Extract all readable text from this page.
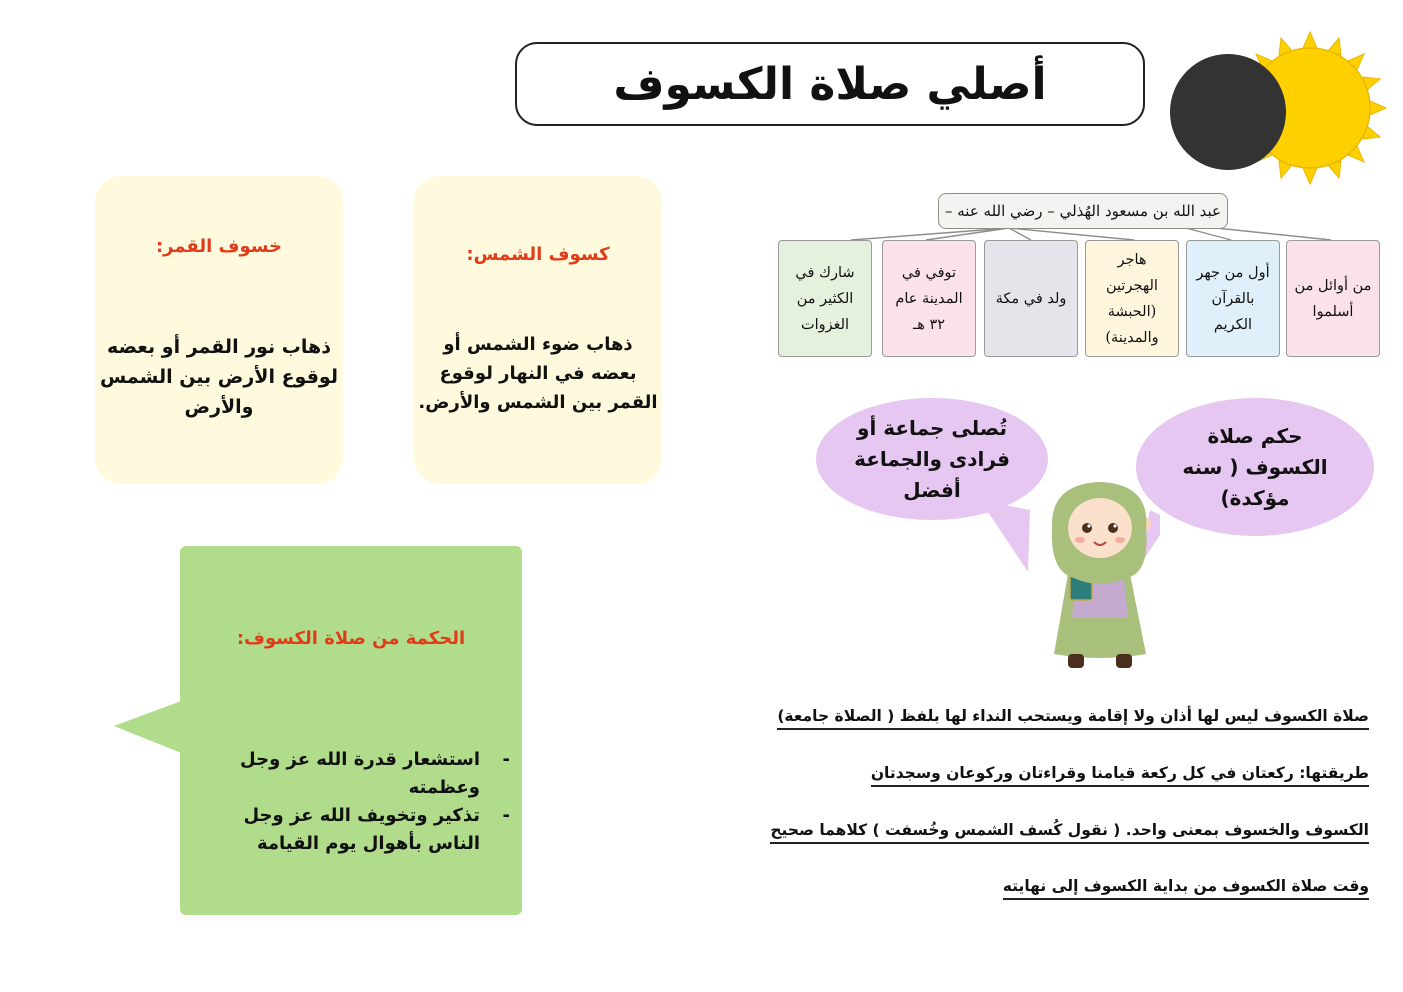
أصلي صلاة الكسوف
خسوف القمر:
ذهاب نور القمر أو بعضه لوقوع الأرض بين الشمس والأرض
كسوف الشمس:
ذهاب ضوء الشمس أو بعضه في النهار لوقوع القمر بين الشمس والأرض.
الحكمة من صلاة الكسوف:
-
استشعار قدرة الله عز وجل وعظمته
-
تذكير وتخويف الله عز وجل الناس بأهوال يوم القيامة
عبد الله بن مسعود الهُذلي – رضي الله عنه –
من أوائل من أسلموا
أول من جهر بالقرآن الكريم
هاجر الهجرتين (الحبشة والمدينة)
ولد في مكة
توفي في المدينة عام ٣٢ هـ
شارك في الكثير من الغزوات
تُصلى جماعة أو فرادى والجماعة أفضل
حكم صلاة الكسوف ( سنه مؤكدة)
صلاة الكسوف ليس لها أذان ولا إقامة ويستحب النداء لها بلفظ ( الصلاة جامعة)
طريقتها: ركعتان في كل ركعة قيامنا وقراءتان وركوعان وسجدتان
الكسوف والخسوف بمعنى واحد. ( نقول كُسف الشمس وخُسفت ) كلاهما صحيح
وقت صلاة الكسوف من بداية الكسوف إلى نهايته
